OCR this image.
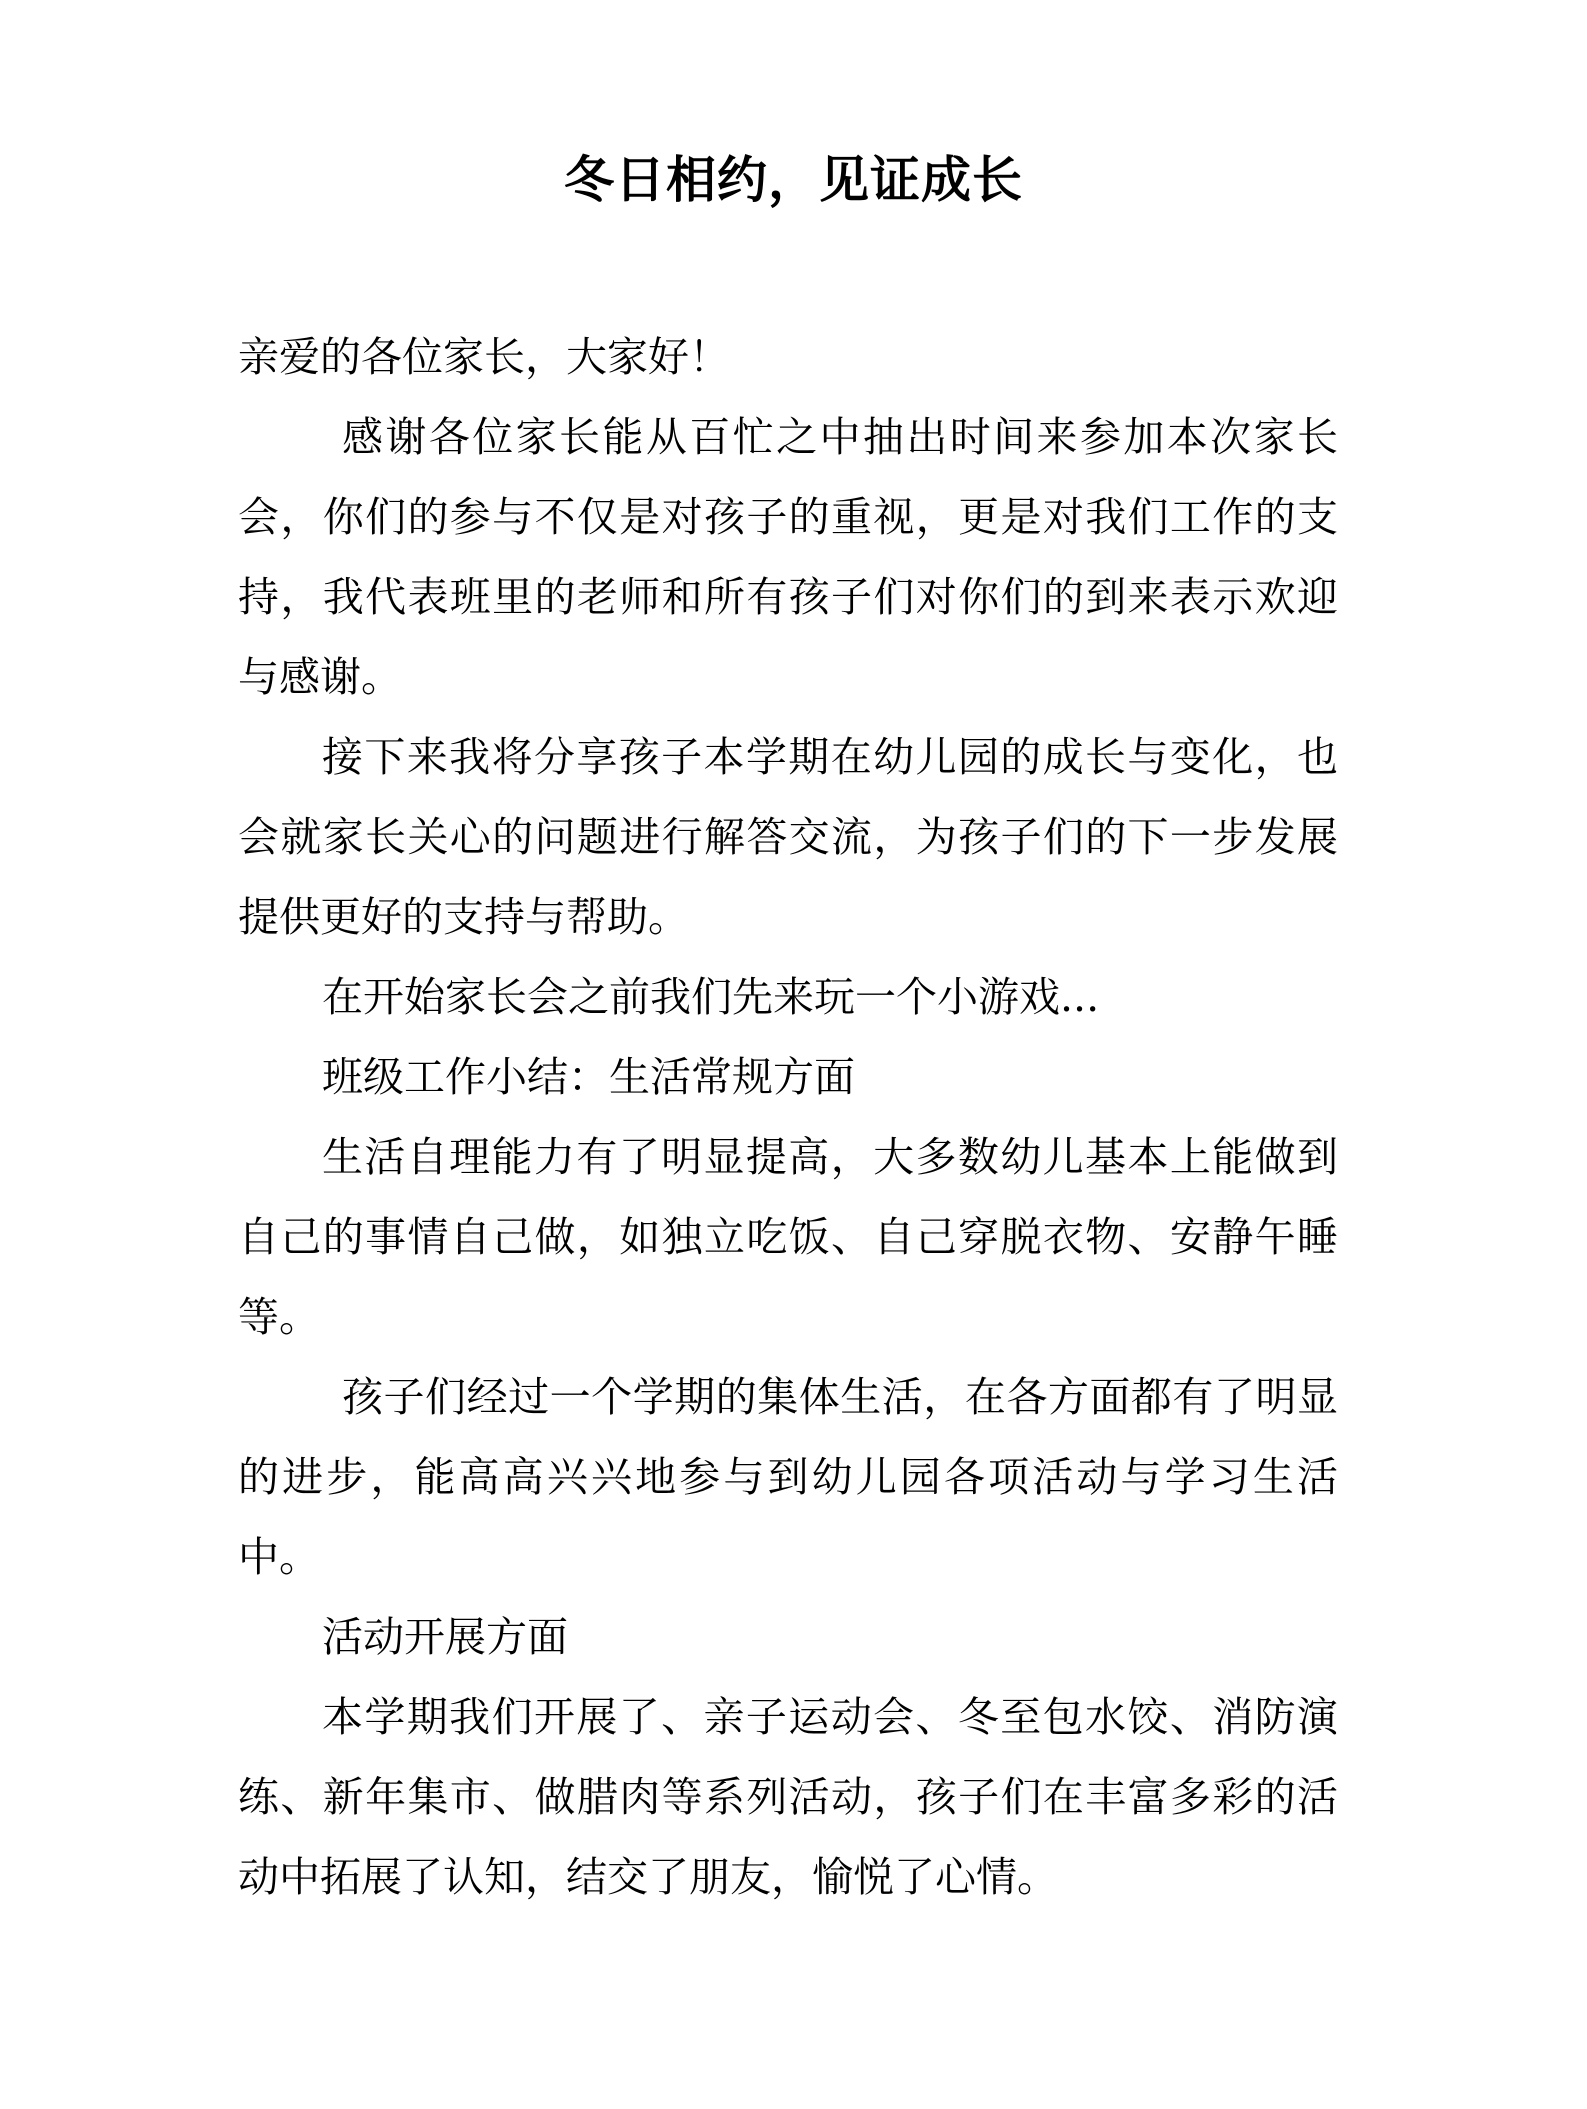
冬日相约，见证成长

亲爱的各位家长，大家好！

感谢各位家长能从百忙之中抽出时间来参加本次家长会，你们的参与不仅是对孩子的重视，更是对我们工作的支持，我代表班里的老师和所有孩子们对你们的到来表示欢迎与感谢。

接下来我将分享孩子本学期在幼儿园的成长与变化，也会就家长关心的问题进行解答交流，为孩子们的下一步发展提供更好的支持与帮助。

在开始家长会之前我们先来玩一个小游戏...

班级工作小结：生活常规方面

生活自理能力有了明显提高，大多数幼儿基本上能做到自己的事情自己做，如独立吃饭、自己穿脱衣物、安静午睡等。

孩子们经过一个学期的集体生活，在各方面都有了明显的进步，能高高兴兴地参与到幼儿园各项活动与学习生活中。

活动开展方面

本学期我们开展了、亲子运动会、冬至包水饺、消防演练、新年集市、做腊肉等系列活动，孩子们在丰富多彩的活动中拓展了认知，结交了朋友，愉悦了心情。
